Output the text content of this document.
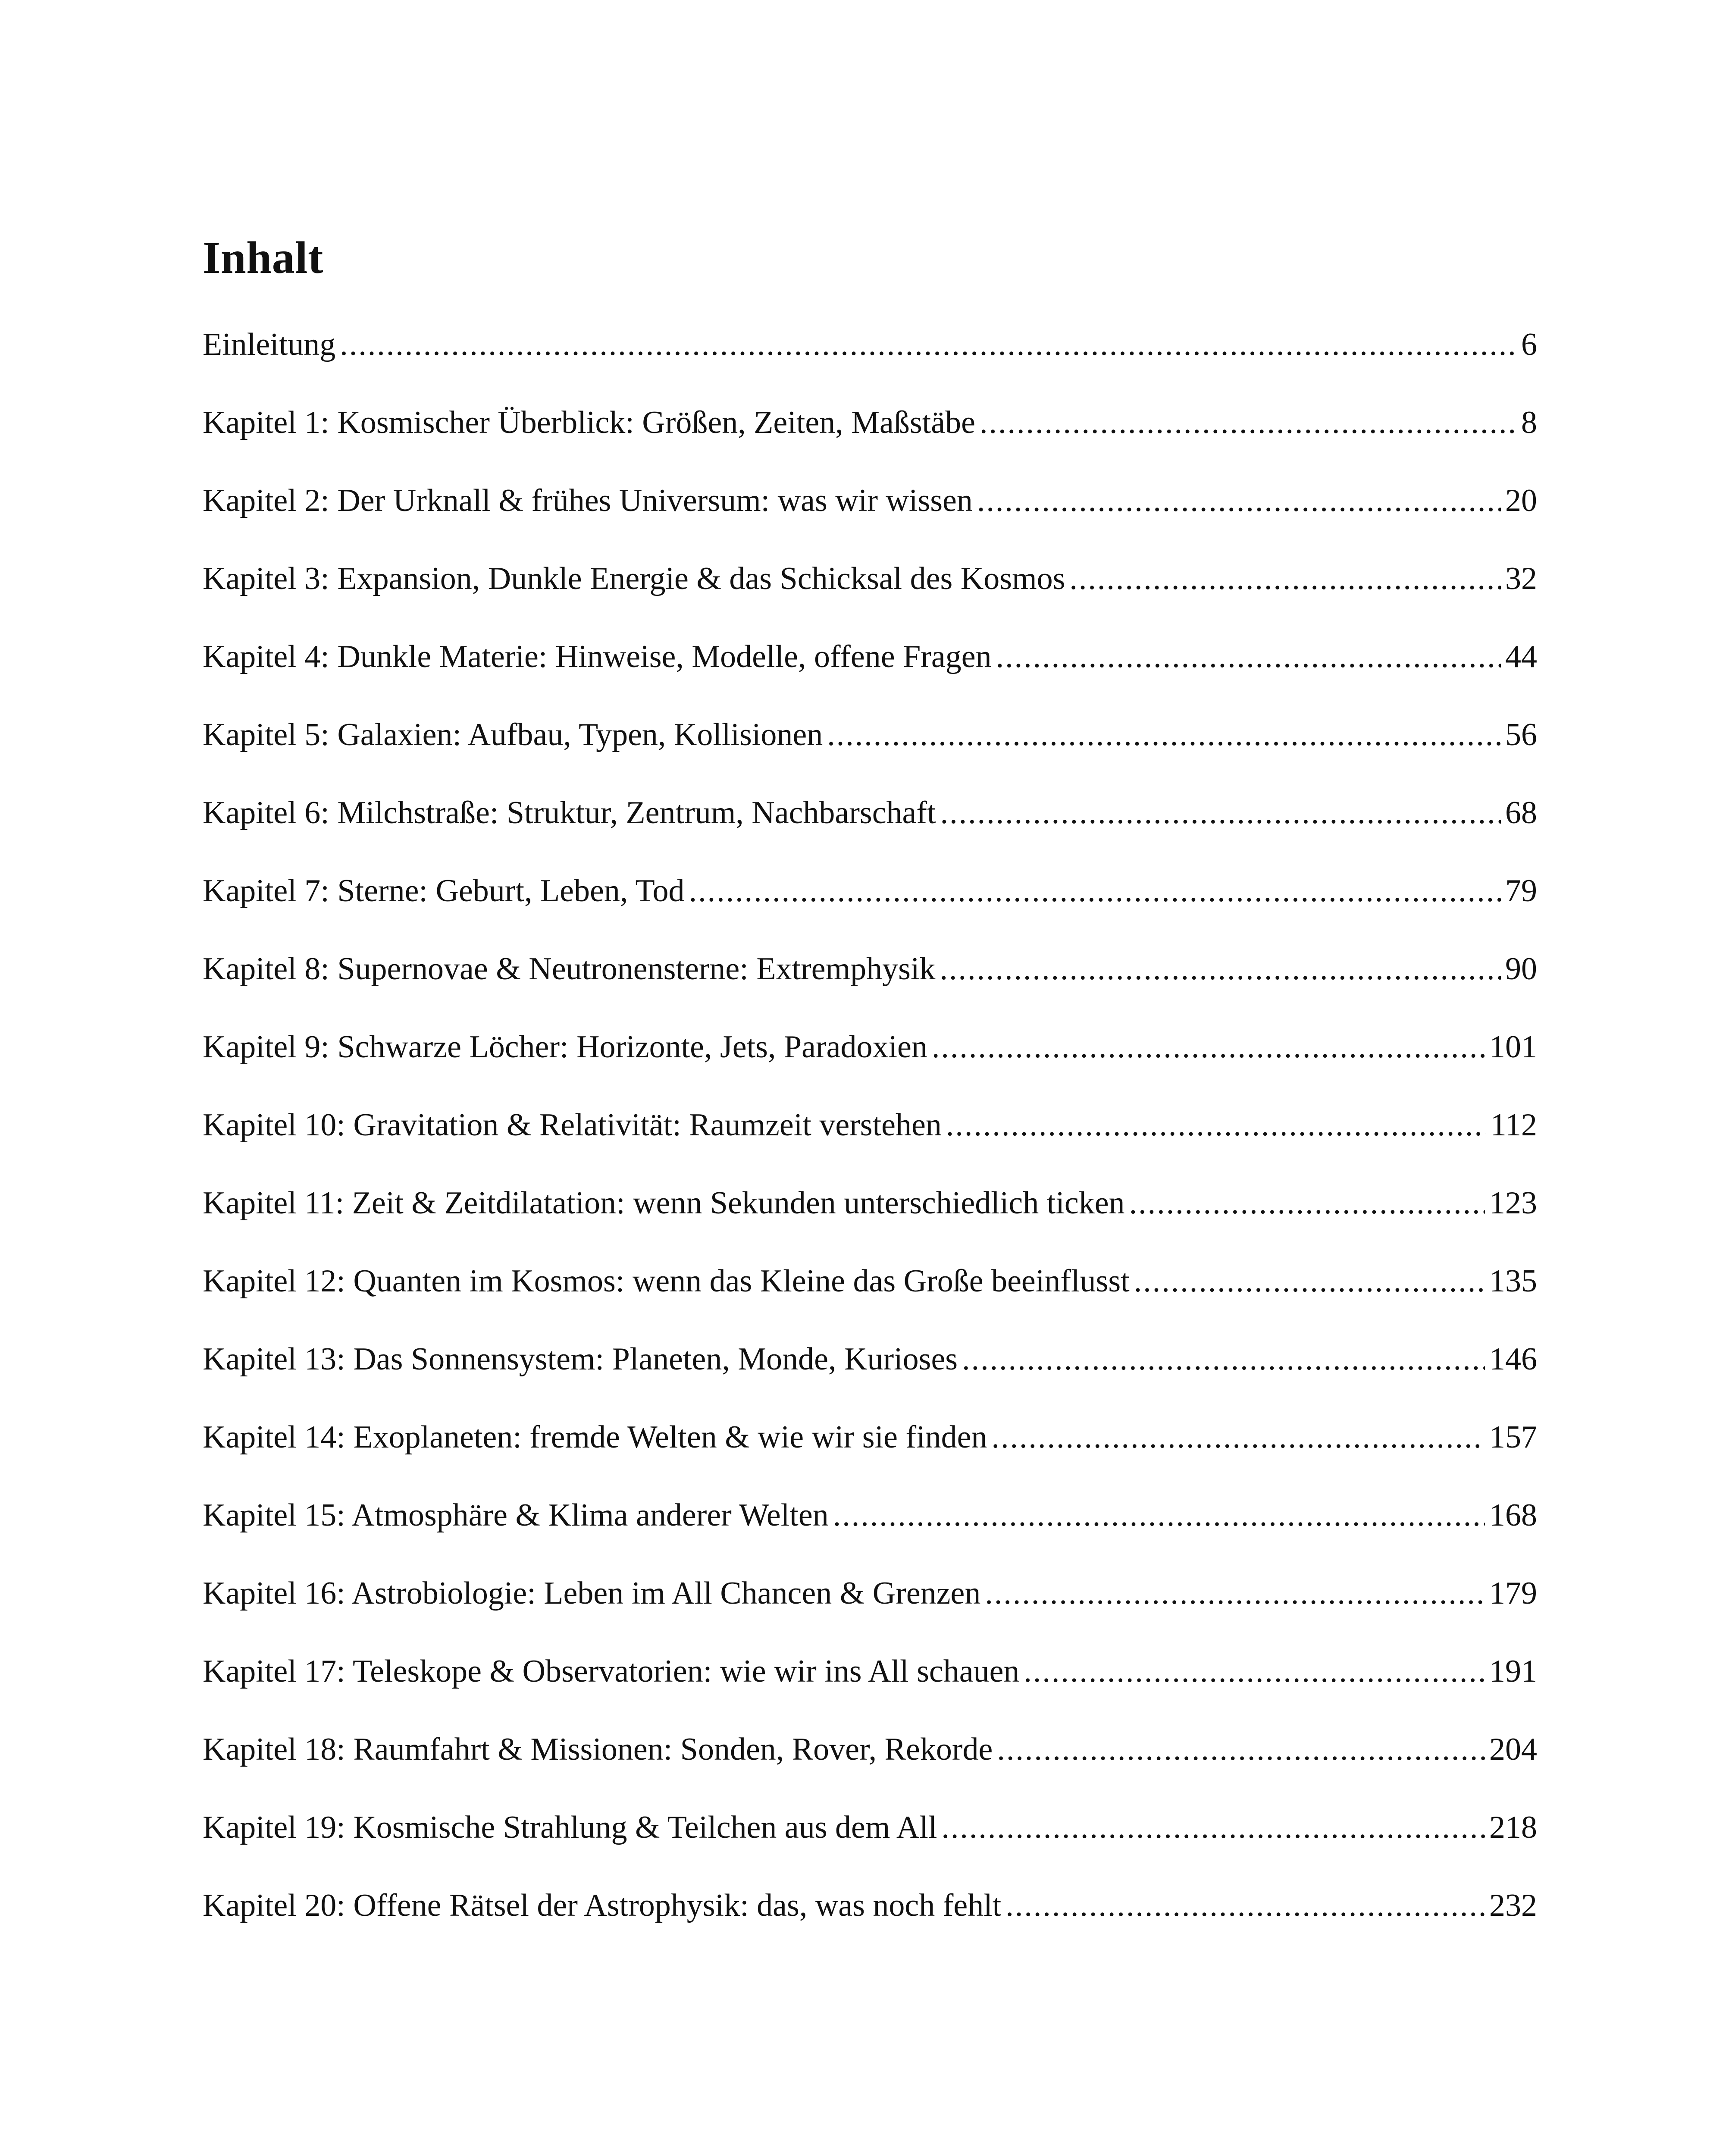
Inhalt
Einleitung .....	6
Kapitel 1: Kosmischer Überblick: Größen, Zeiten, Maßstäbe .....	8
Kapitel 2: Der Urknall & frühes Universum: was wir wissen .....	20
Kapitel 3: Expansion, Dunkle Energie & das Schicksal des Kosmos .....	32
Kapitel 4: Dunkle Materie: Hinweise, Modelle, offene Fragen .....	44
Kapitel 5: Galaxien: Aufbau, Typen, Kollisionen .....	56
Kapitel 6: Milchstraße: Struktur, Zentrum, Nachbarschaft .....	68
Kapitel 7: Sterne: Geburt, Leben, Tod .....	79
Kapitel 8: Supernovae & Neutronensterne: Extremphysik .....	90
Kapitel 9: Schwarze Löcher: Horizonte, Jets, Paradoxien .....	101
Kapitel 10: Gravitation & Relativität: Raumzeit verstehen .....	112
Kapitel 11: Zeit & Zeitdilatation: wenn Sekunden unterschiedlich ticken .....	123
Kapitel 12: Quanten im Kosmos: wenn das Kleine das Große beeinflusst .....	135
Kapitel 13: Das Sonnensystem: Planeten, Monde, Kurioses .....	146
Kapitel 14: Exoplaneten: fremde Welten & wie wir sie finden .....	157
Kapitel 15: Atmosphäre & Klima anderer Welten .....	168
Kapitel 16: Astrobiologie: Leben im All Chancen & Grenzen .....	179
Kapitel 17: Teleskope & Observatorien: wie wir ins All schauen .....	191
Kapitel 18: Raumfahrt & Missionen: Sonden, Rover, Rekorde .....	204
Kapitel 19: Kosmische Strahlung & Teilchen aus dem All .....	218
Kapitel 20: Offene Rätsel der Astrophysik: das, was noch fehlt .....	232
